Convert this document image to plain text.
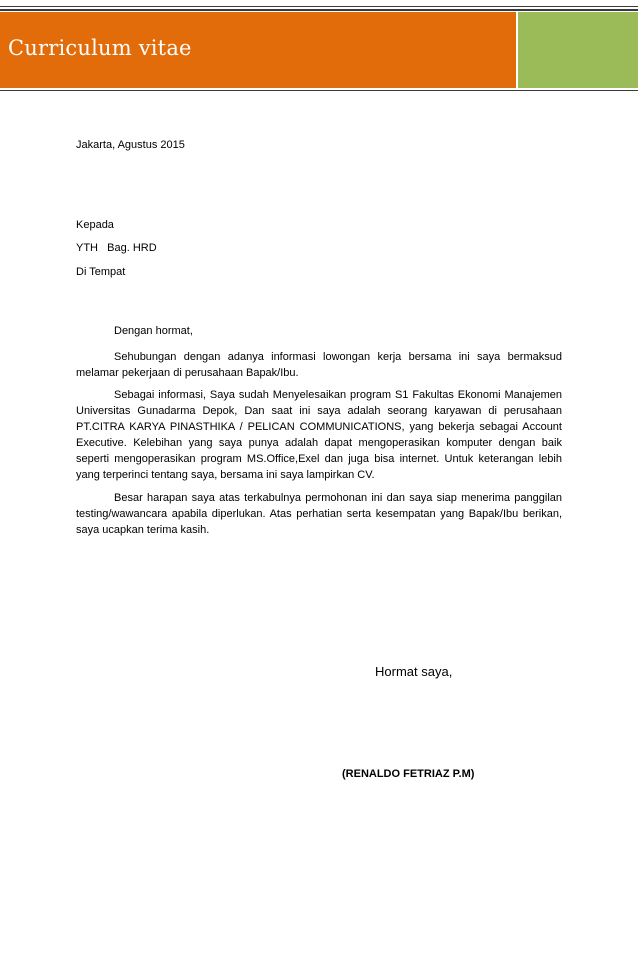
Curriculum vitae
Jakarta, Agustus 2015
Kepada
YTH   Bag. HRD
Di Tempat
Dengan hormat,
Sehubungan dengan adanya informasi lowongan kerja bersama ini saya bermaksud melamar pekerjaan di perusahaan Bapak/Ibu.
Sebagai informasi, Saya sudah Menyelesaikan program S1 Fakultas Ekonomi Manajemen Universitas Gunadarma Depok, Dan saat ini saya adalah seorang karyawan di perusahaan PT.CITRA KARYA PINASTHIKA / PELICAN COMMUNICATIONS, yang bekerja sebagai Account Executive. Kelebihan yang saya punya adalah dapat mengoperasikan komputer dengan baik seperti mengoperasikan program MS.Office,Exel dan juga bisa internet. Untuk keterangan lebih yang terperinci tentang saya, bersama ini saya lampirkan CV.
Besar harapan saya atas terkabulnya permohonan ini dan saya siap menerima panggilan testing/wawancara apabila diperlukan. Atas perhatian serta kesempatan yang Bapak/Ibu berikan, saya ucapkan terima kasih.
Hormat saya,
(RENALDO FETRIAZ P.M)
